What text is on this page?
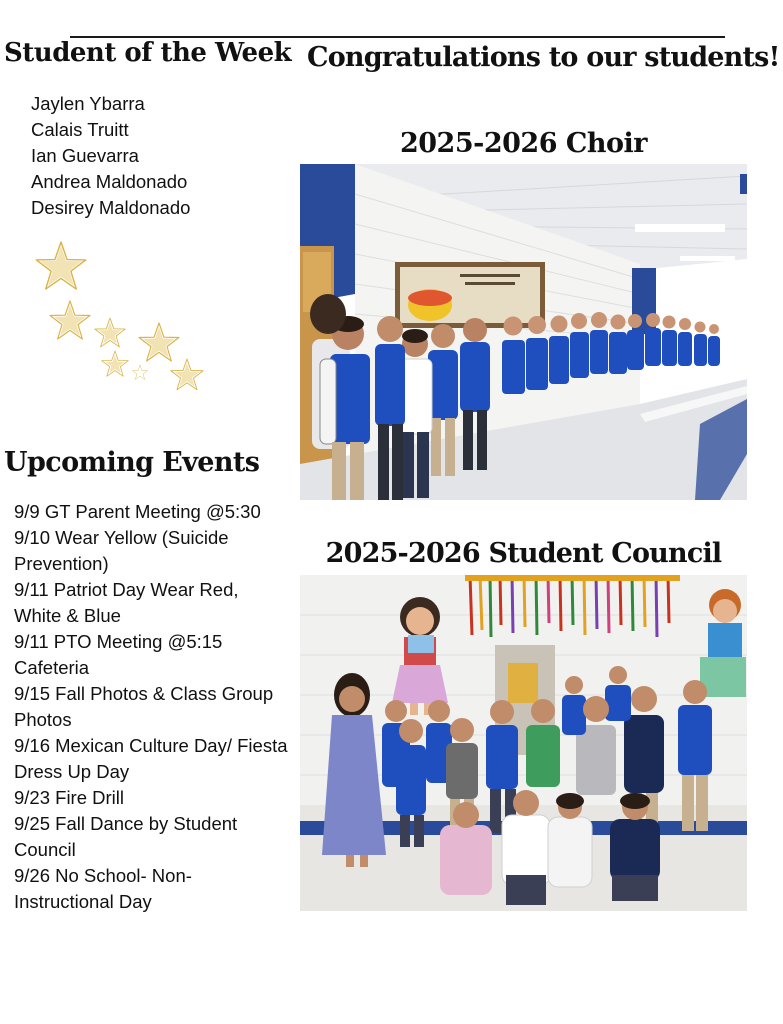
Student of the Week Congratulations to our students!
Jaylen Ybarra
Calais Truitt
Ian Guevarra
Andrea Maldonado
Desirey Maldonado
Upcoming Events
9/9 GT Parent Meeting @5:30
9/10 Wear Yellow (Suicide Prevention)
9/11 Patriot Day Wear Red, White & Blue
9/11 PTO Meeting @5:15 Cafeteria
9/15 Fall Photos & Class Group Photos
9/16 Mexican Culture Day/ Fiesta Dress Up Day
9/23 Fire Drill
9/25 Fall Dance by Student Council
9/26 No School- Non-Instructional Day
2025-2026 Choir
2025-2026 Student Council
